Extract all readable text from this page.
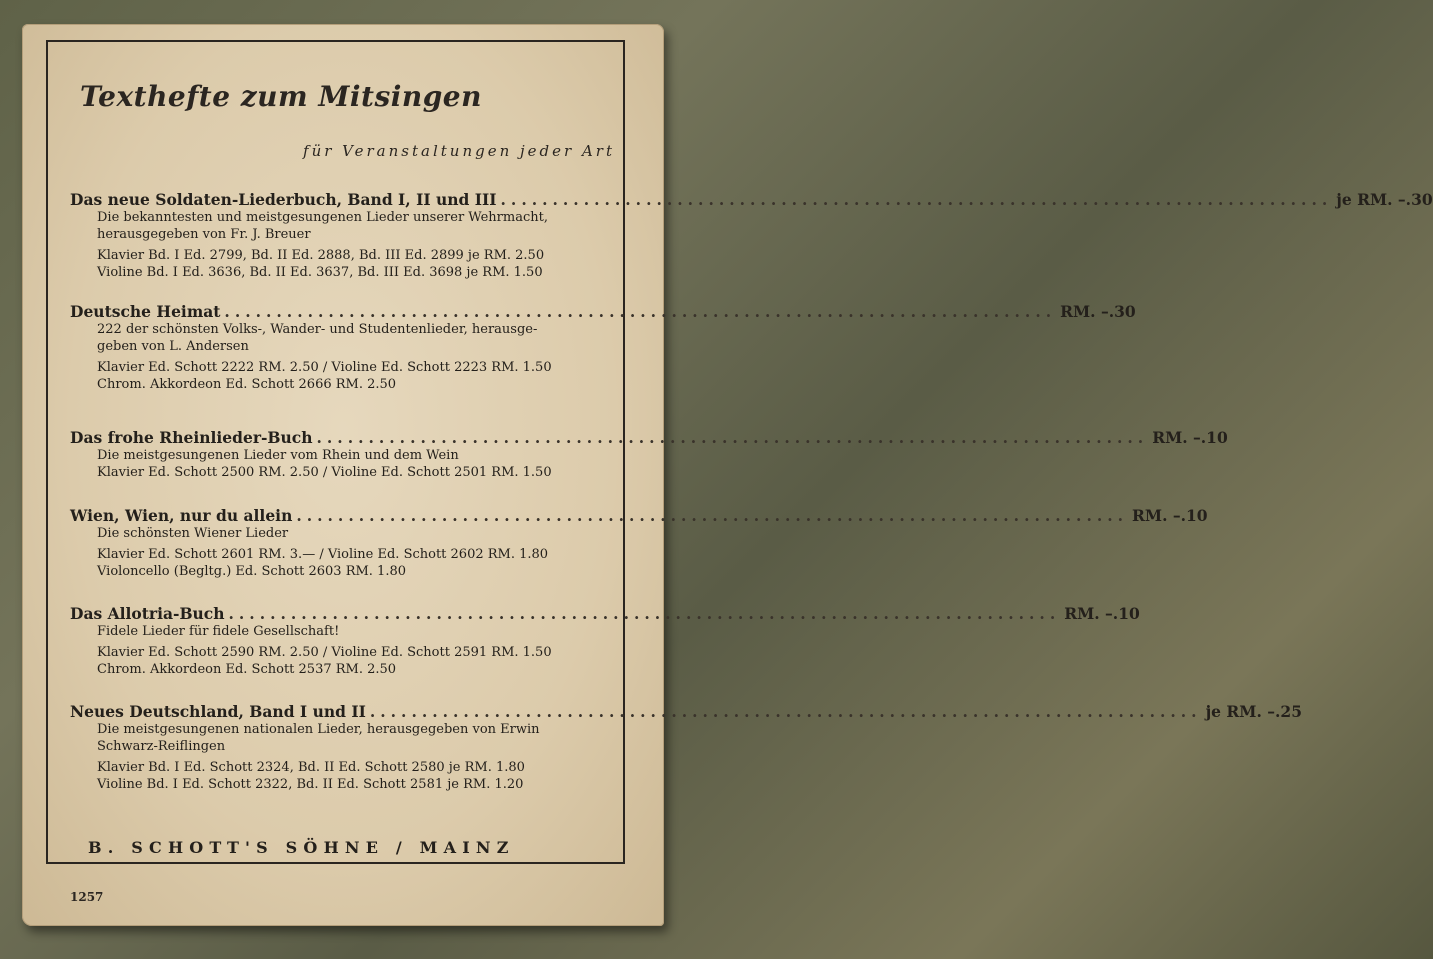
Texthefte zum Mitsingen
für Veranstaltungen jeder Art
Das neue Soldaten-Liederbuch, Band I, II und III ................................................................................ je RM. –.30
Die bekanntesten und meistgesungenen Lieder unserer Wehrmacht,
herausgegeben von Fr. J. Breuer
Klavier Bd. I Ed. 2799, Bd. II Ed. 2888, Bd. III Ed. 2899 je RM. 2.50
Violine Bd. I Ed. 3636, Bd. II Ed. 3637, Bd. III Ed. 3698 je RM. 1.50
Deutsche Heimat ................................................................................ RM. –.30
222 der schönsten Volks-, Wander- und Studentenlieder, herausge-
geben von L. Andersen
Klavier Ed. Schott 2222 RM. 2.50 / Violine Ed. Schott 2223 RM. 1.50
Chrom. Akkordeon Ed. Schott 2666 RM. 2.50
Das frohe Rheinlieder-Buch ................................................................................ RM. –.10
Die meistgesungenen Lieder vom Rhein und dem Wein
Klavier Ed. Schott 2500 RM. 2.50 / Violine Ed. Schott 2501 RM. 1.50
Wien, Wien, nur du allein ................................................................................ RM. –.10
Die schönsten Wiener Lieder
Klavier Ed. Schott 2601 RM. 3.— / Violine Ed. Schott 2602 RM. 1.80
Violoncello (Begltg.) Ed. Schott 2603 RM. 1.80
Das Allotria-Buch ................................................................................ RM. –.10
Fidele Lieder für fidele Gesellschaft!
Klavier Ed. Schott 2590 RM. 2.50 / Violine Ed. Schott 2591 RM. 1.50
Chrom. Akkordeon Ed. Schott 2537 RM. 2.50
Neues Deutschland, Band I und II ................................................................................ je RM. –.25
Die meistgesungenen nationalen Lieder, herausgegeben von Erwin
Schwarz-Reiflingen
Klavier Bd. I Ed. Schott 2324, Bd. II Ed. Schott 2580 je RM. 1.80
Violine Bd. I Ed. Schott 2322, Bd. II Ed. Schott 2581 je RM. 1.20
B. SCHOTT'S SÖHNE / MAINZ
1257
